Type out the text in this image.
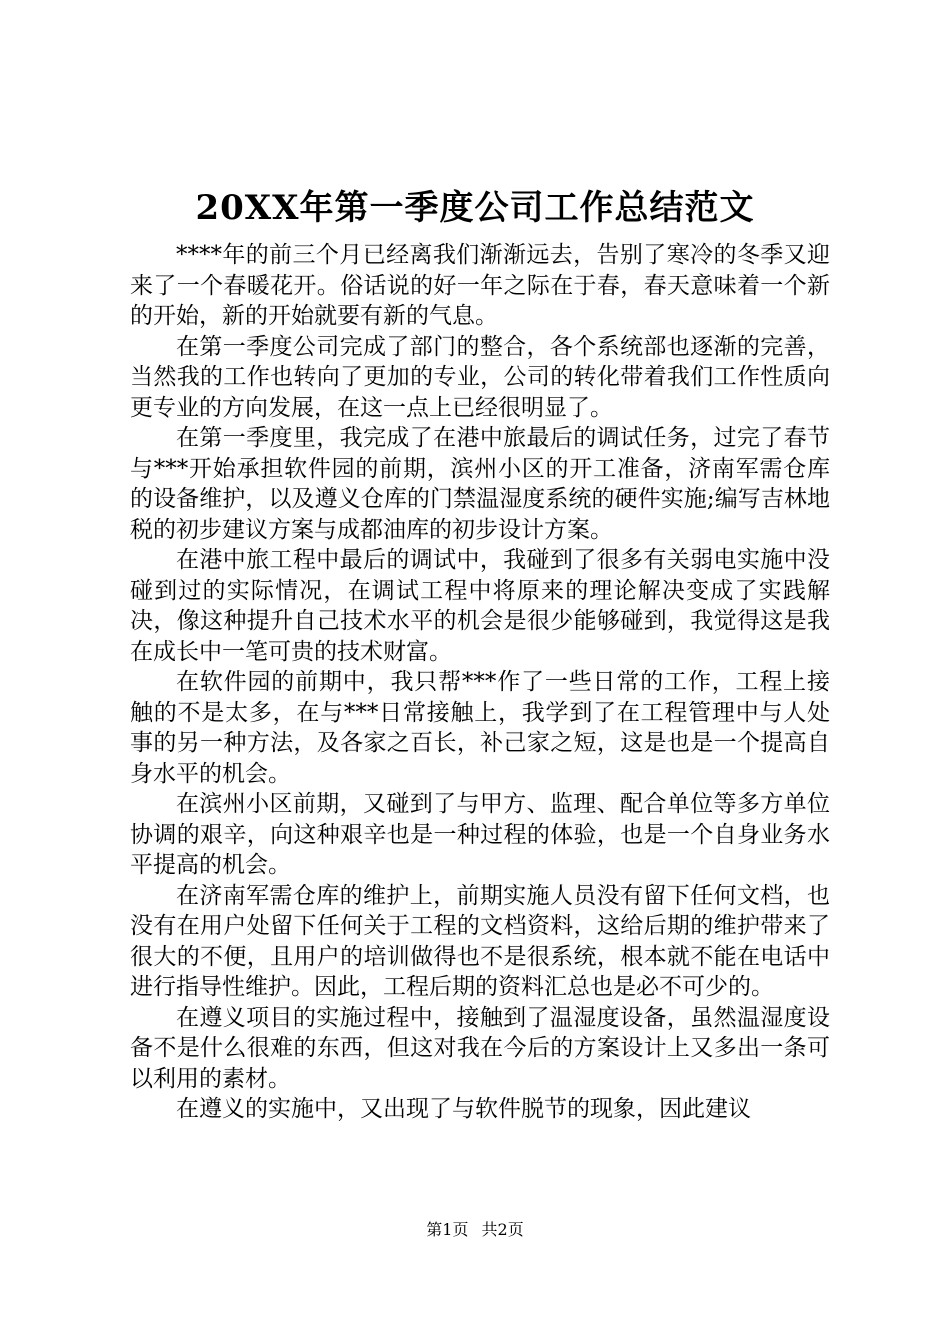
20XX年第一季度公司工作总结范文

****年的前三个月已经离我们渐渐远去，告别了寒冷的冬季又迎来了一个春暖花开。俗话说的好一年之际在于春，春天意味着一个新的开始，新的开始就要有新的气息。

在第一季度公司完成了部门的整合，各个系统部也逐渐的完善，当然我的工作也转向了更加的专业，公司的转化带着我们工作性质向更专业的方向发展，在这一点上已经很明显了。

在第一季度里，我完成了在港中旅最后的调试任务，过完了春节与***开始承担软件园的前期，滨州小区的开工准备，济南军需仓库的设备维护，以及遵义仓库的门禁温湿度系统的硬件实施;编写吉林地税的初步建议方案与成都油库的初步设计方案。

在港中旅工程中最后的调试中，我碰到了很多有关弱电实施中没碰到过的实际情况，在调试工程中将原来的理论解决变成了实践解决，像这种提升自己技术水平的机会是很少能够碰到，我觉得这是我在成长中一笔可贵的技术财富。

在软件园的前期中，我只帮***作了一些日常的工作，工程上接触的不是太多，在与***日常接触上，我学到了在工程管理中与人处事的另一种方法，及各家之百长，补己家之短，这是也是一个提高自身水平的机会。

在滨州小区前期，又碰到了与甲方、监理、配合单位等多方单位协调的艰辛，向这种艰辛也是一种过程的体验，也是一个自身业务水平提高的机会。

在济南军需仓库的维护上，前期实施人员没有留下任何文档，也没有在用户处留下任何关于工程的文档资料，这给后期的维护带来了很大的不便，且用户的培训做得也不是很系统，根本就不能在电话中进行指导性维护。因此，工程后期的资料汇总也是必不可少的。

在遵义项目的实施过程中，接触到了温湿度设备，虽然温湿度设备不是什么很难的东西，但这对我在今后的方案设计上又多出一条可以利用的素材。

在遵义的实施中，又出现了与软件脱节的现象，因此建议

第1页 共2页
